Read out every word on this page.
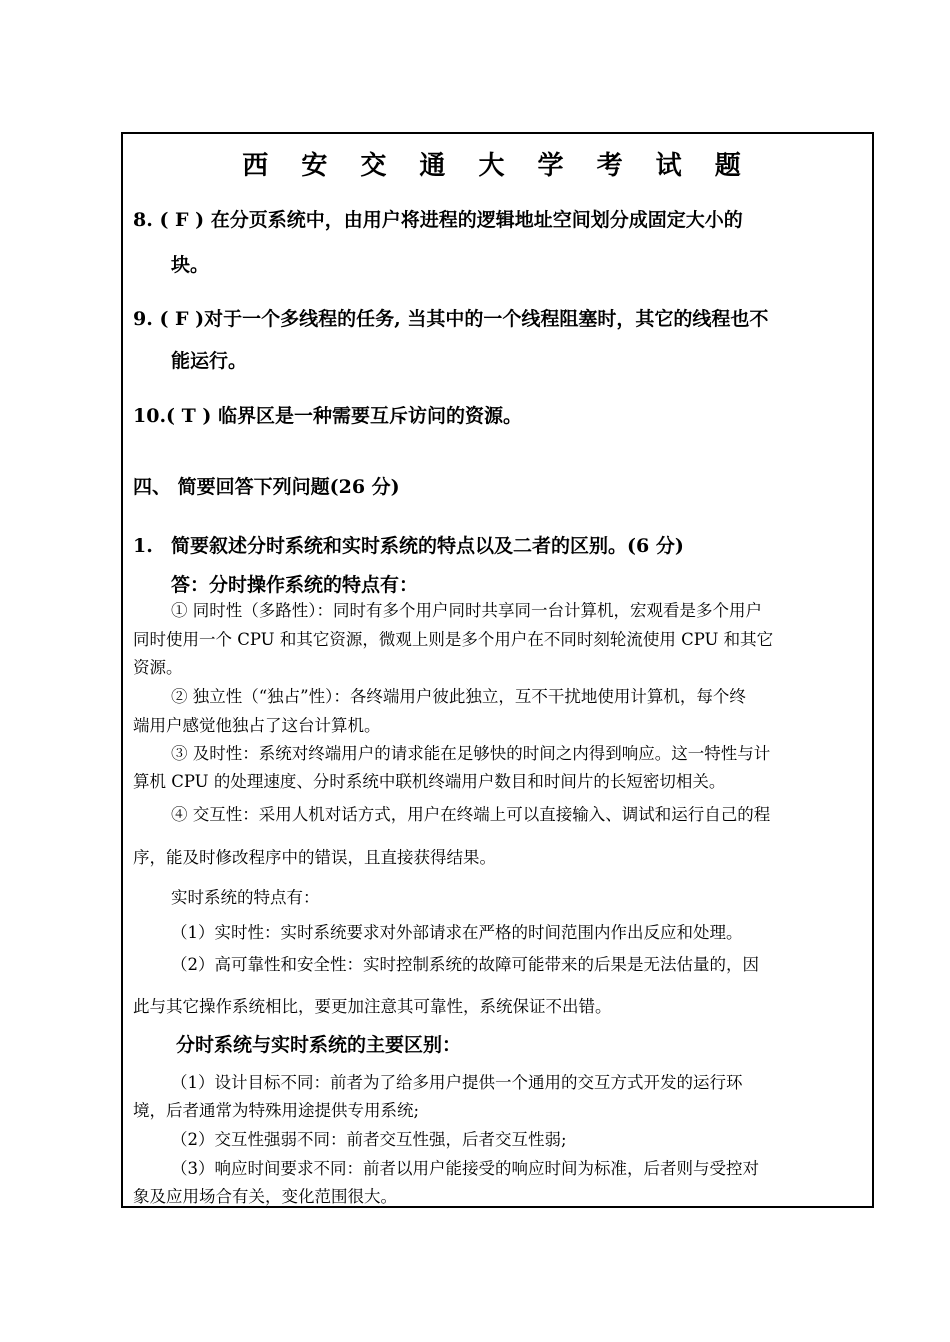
西 安 交 通 大 学 考 试 题
8. ( F ) 在分页系统中，由用户将进程的逻辑地址空间划分成固定大小的
块。
9. ( F )对于一个多线程的任务, 当其中的一个线程阻塞时，其它的线程也不
能运行。
10.( T ) 临界区是一种需要互斥访问的资源。
四、 简要回答下列问题(26 分)
1. 简要叙述分时系统和实时系统的特点以及二者的区别。(6 分)
答：分时操作系统的特点有：
① 同时性（多路性）：同时有多个用户同时共享同一台计算机，宏观看是多个用户
同时使用一个 CPU 和其它资源，微观上则是多个用户在不同时刻轮流使用 CPU 和其它
资源。
② 独立性（“独占”性）：各终端用户彼此独立，互不干扰地使用计算机，每个终
端用户感觉他独占了这台计算机。
③ 及时性：系统对终端用户的请求能在足够快的时间之内得到响应。这一特性与计
算机 CPU 的处理速度、分时系统中联机终端用户数目和时间片的长短密切相关。
④ 交互性：采用人机对话方式，用户在终端上可以直接输入、调试和运行自己的程
序，能及时修改程序中的错误，且直接获得结果。
实时系统的特点有：
（1）实时性：实时系统要求对外部请求在严格的时间范围内作出反应和处理。
（2）高可靠性和安全性：实时控制系统的故障可能带来的后果是无法估量的，因
此与其它操作系统相比，要更加注意其可靠性，系统保证不出错。
分时系统与实时系统的主要区别：
（1）设计目标不同：前者为了给多用户提供一个通用的交互方式开发的运行环
境，后者通常为特殊用途提供专用系统;
（2）交互性强弱不同：前者交互性强，后者交互性弱;
（3）响应时间要求不同：前者以用户能接受的响应时间为标准，后者则与受控对
象及应用场合有关，变化范围很大。
